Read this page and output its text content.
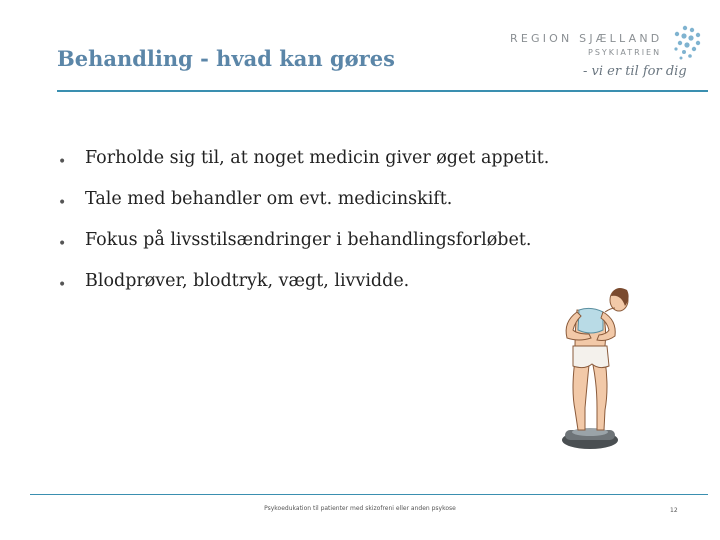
Behandling - hvad kan gøres
REGION SJÆLLAND
PSYKIATRIEN
- vi er til for dig
• Forholde sig til, at noget medicin giver øget appetit.
• Tale med behandler om evt. medicinskift.
• Fokus på livsstilsændringer i behandlingsforløbet.
• Blodprøver, blodtryk, vægt, livvidde.
Psykoedukation til patienter med skizofreni eller anden psykose	12
